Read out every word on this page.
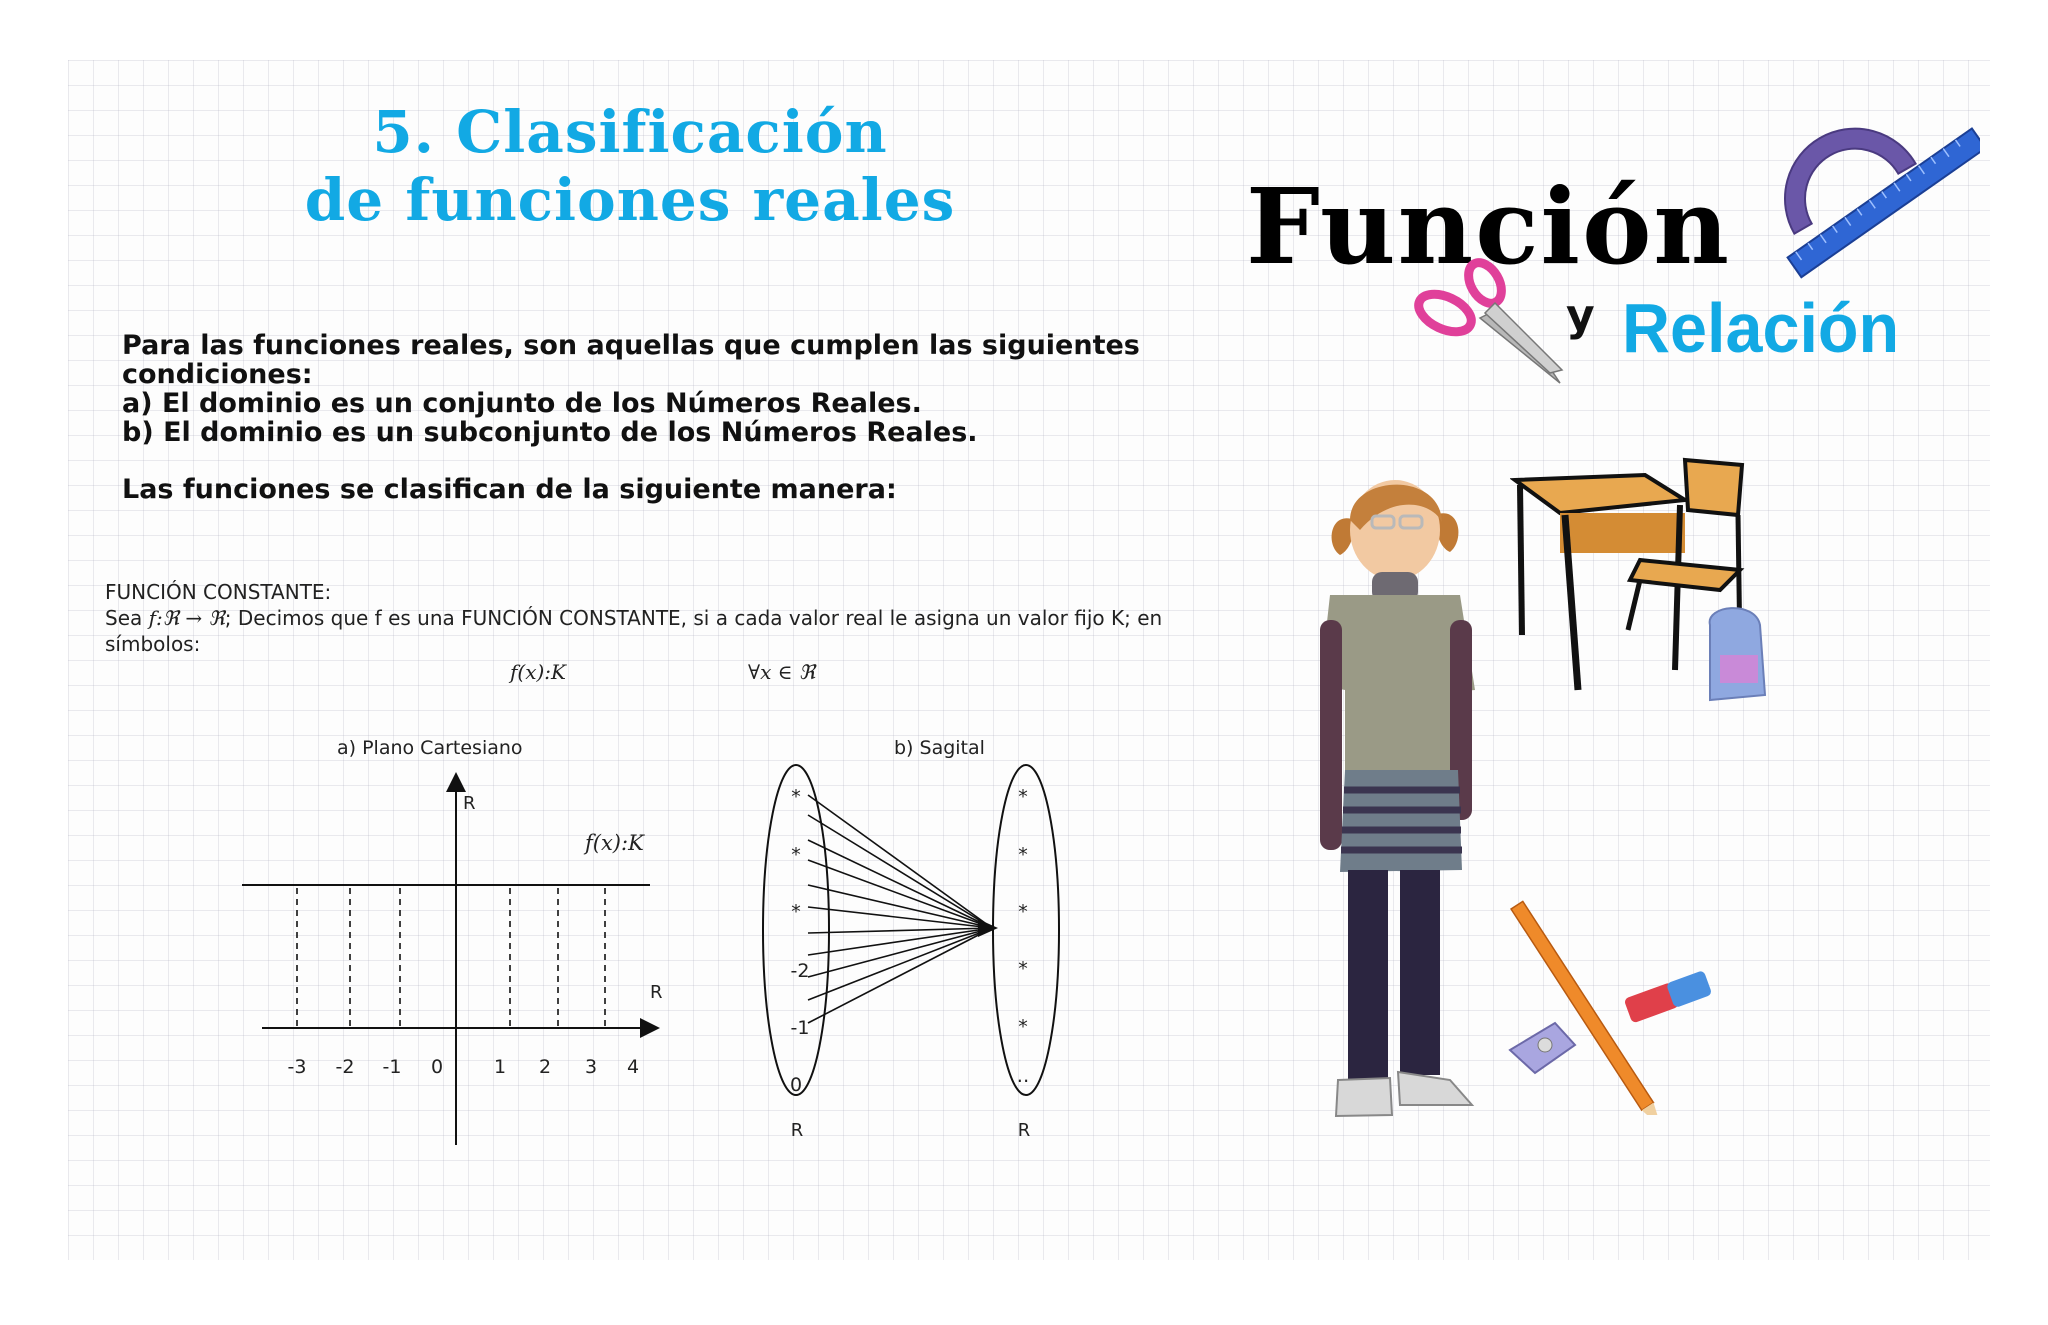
5. Clasificación
de funciones reales

Para las funciones reales, son aquellas que cumplen las siguientes

condiciones:

a) El dominio es un conjunto de los Números Reales.

b) El dominio es un subconjunto de los Números Reales.

Las funciones se clasifican de la siguiente manera:
FUNCIÓN CONSTANTE:
Sea f:ℜ → ℜ; Decimos que f es una FUNCIÓN CONSTANTE, si a cada valor real le asigna un valor fijo K; en
símbolos:
f(x):K	∀x ∈ ℜ
a) Plano Cartesiano
R
R
f(x):K
-3 -2 -1 0	1 2 3 4
b) Sagital
*
*
*
-2
-1
0
*
*
*
*
*
‥
R	R
Función
y Relación
